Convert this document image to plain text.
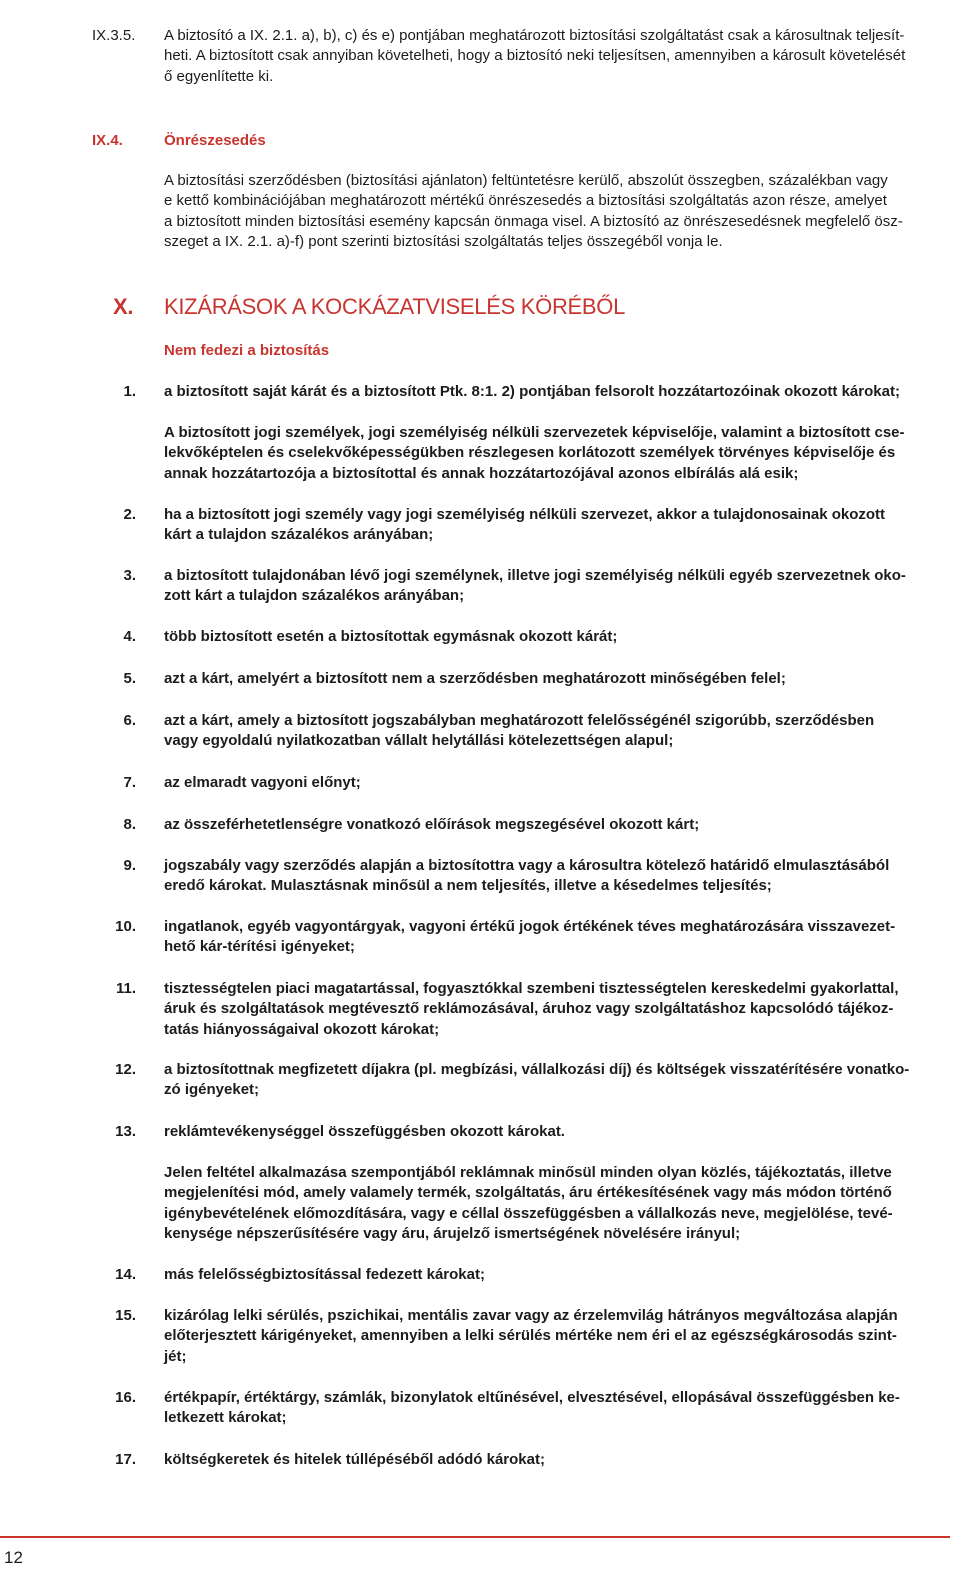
IX.3.5.	A biztosító a IX. 2.1. a), b), c) és e) pontjában meghatározott biztosítási szolgáltatást csak a károsultnak teljesít-
heti. A biztosított csak annyiban követelheti, hogy a biztosító neki teljesítsen, amennyiben a károsult követelését
ő egyenlítette ki.
IX.4.	Önrészesedés
A biztosítási szerződésben (biztosítási ajánlaton) feltüntetésre kerülő, abszolút összegben, százalékban vagy
e kettő kombinációjában meghatározott mértékű önrészesedés a biztosítási szolgáltatás azon része, amelyet
a biztosított minden biztosítási esemény kapcsán önmaga visel. A biztosító az önrészesedésnek megfelelő ösz-
szeget a IX. 2.1. a)-f) pont szerinti biztosítási szolgáltatás teljes összegéből vonja le.
X.	KIZÁRÁSOK A KOCKÁZATVISELÉS KÖRÉBŐL
Nem fedezi a biztosítás
1. a biztosított saját kárát és a biztosított Ptk. 8:1. 2) pontjában felsorolt hozzátartozóinak okozott károkat;
A biztosított jogi személyek, jogi személyiség nélküli szervezetek képviselője, valamint a biztosított cse-
lekvőképtelen és cselekvőképességükben részlegesen korlátozott személyek törvényes képviselője és
annak hozzátartozója a biztosítottal és annak hozzátartozójával azonos elbírálás alá esik;
2. ha a biztosított jogi személy vagy jogi személyiség nélküli szervezet, akkor a tulajdonosainak okozott
kárt a tulajdon százalékos arányában;
3. a biztosított tulajdonában lévő jogi személynek, illetve jogi személyiség nélküli egyéb szervezetnek oko-
zott kárt a tulajdon százalékos arányában;
4. több biztosított esetén a biztosítottak egymásnak okozott kárát;
5. azt a kárt, amelyért a biztosított nem a szerződésben meghatározott minőségében felel;
6. azt a kárt, amely a biztosított jogszabályban meghatározott felelősségénél szigorúbb, szerződésben
vagy egyoldalú nyilatkozatban vállalt helytállási kötelezettségen alapul;
7. az elmaradt vagyoni előnyt;
8. az összeférhetetlenségre vonatkozó előírások megszegésével okozott kárt;
9. jogszabály vagy szerződés alapján a biztosítottra vagy a károsultra kötelező határidő elmulasztásából
eredő károkat. Mulasztásnak minősül a nem teljesítés, illetve a késedelmes teljesítés;
10. ingatlanok, egyéb vagyontárgyak, vagyoni értékű jogok értékének téves meghatározására visszavezet-
hető kár-térítési igényeket;
11. tisztességtelen piaci magatartással, fogyasztókkal szembeni tisztességtelen kereskedelmi gyakorlattal,
áruk és szolgáltatások megtévesztő reklámozásával, áruhoz vagy szolgáltatáshoz kapcsolódó tájékoz-
tatás hiányosságaival okozott károkat;
12. a biztosítottnak megfizetett díjakra (pl. megbízási, vállalkozási díj) és költségek visszatérítésére vonatko-
zó igényeket;
13. reklámtevékenységgel összefüggésben okozott károkat.
Jelen feltétel alkalmazása szempontjából reklámnak minősül minden olyan közlés, tájékoztatás, illetve
megjelenítési mód, amely valamely termék, szolgáltatás, áru értékesítésének vagy más módon történő
igénybevételének előmozdítására, vagy e céllal összefüggésben a vállalkozás neve, megjelölése, tevé-
kenysége népszerűsítésére vagy áru, árujelző ismertségének növelésére irányul;
14. más felelősségbiztosítással fedezett károkat;
15. kizárólag lelki sérülés, pszichikai, mentális zavar vagy az érzelemvilág hátrányos megváltozása alapján
előterjesztett kárigényeket, amennyiben a lelki sérülés mértéke nem éri el az egészségkárosodás szint-
jét;
16. értékpapír, értéktárgy, számlák, bizonylatok eltűnésével, elvesztésével, ellopásával összefüggésben ke-
letkezett károkat;
17. költségkeretek és hitelek túllépéséből adódó károkat;
12
